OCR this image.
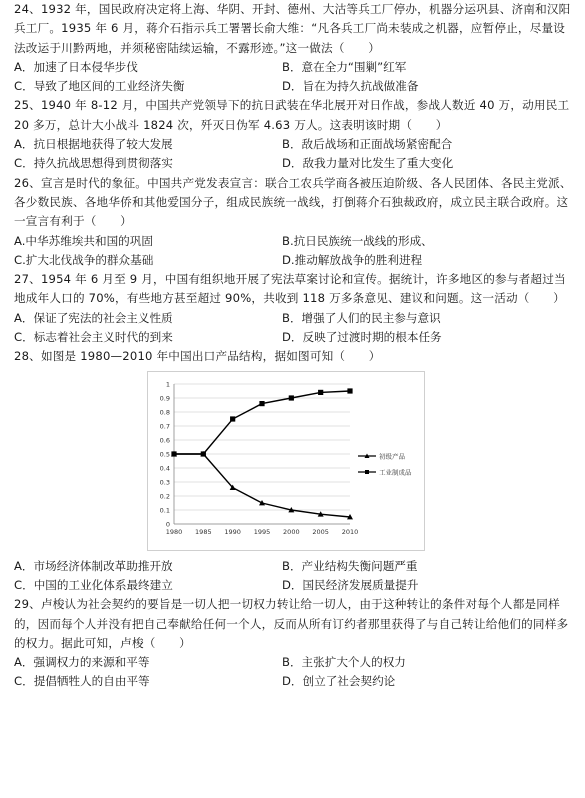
24、1932 年，国民政府决定将上海、华阴、开封、德州、大沽等兵工厂停办，机器分运巩县、济南和汉阳兵工厂。1935 年 6 月，蒋介石指示兵工署署长俞大维：“凡各兵工厂尚未装成之机器，应暂停止，尽量设法改运于川黔两地，并须秘密陆续运输，不露形迹。”这一做法（　　）

A．加速了日本侵华步伐	B．意在全力“围剿”红军
C．导致了地区间的工业经济失衡	D．旨在为持久抗战做准备

25、1940 年 8-12 月，中国共产党领导下的抗日武装在华北展开对日作战，参战人数近 40 万，动用民工 20 多万，总计大小战斗 1824 次，歼灭日伪军 4.63 万人。这表明该时期（　　）

A．抗日根据地获得了较大发展	B．敌后战场和正面战场紧密配合
C．持久抗战思想得到贯彻落实	D．敌我力量对比发生了重大变化

26、宣言是时代的象征。中国共产党发表宣言：联合工农兵学商各被压迫阶级、各人民团体、各民主党派、各少数民族、各地华侨和其他爱国分子，组成民族统一战线，打倒蒋介石独裁政府，成立民主联合政府。这一宣言有利于（　　）

A.中华苏维埃共和国的巩固	B.抗日民族统一战线的形成、
C.扩大北伐战争的群众基础	D.推动解放战争的胜利进程

27、1954 年 6 月至 9 月，中国有组织地开展了宪法草案讨论和宣传。据统计，许多地区的参与者超过当地成年人口的 70%，有些地方甚至超过 90%，共收到 118 万多条意见、建议和问题。这一活动（　　）

A．保证了宪法的社会主义性质	B．增强了人们的民主参与意识
C．标志着社会主义时代的到来	D．反映了过渡时期的根本任务

28、如图是 1980—2010 年中国出口产品结构，据如图可知（　　）

0
0.1
0.2
0.3
0.4
0.5
0.6
0.7
0.8
0.9
1
1980 1985 1990 1995 2000 2005 2010
初级产品
工业制成品
A．市场经济体制改革助推开放	B．产业结构失衡问题严重
C．中国的工业化体系最终建立	D．国民经济发展质量提升

29、卢梭认为社会契约的要旨是一切人把一切权力转让给一切人，由于这种转让的条件对每个人都是同样的，因而每个人并没有把自己奉献给任何一个人，反而从所有订约者那里获得了与自己转让给他们的同样多的权力。据此可知，卢梭（　　）

A．强调权力的来源和平等	B．主张扩大个人的权力
C．提倡牺牲人的自由平等	D．创立了社会契约论
